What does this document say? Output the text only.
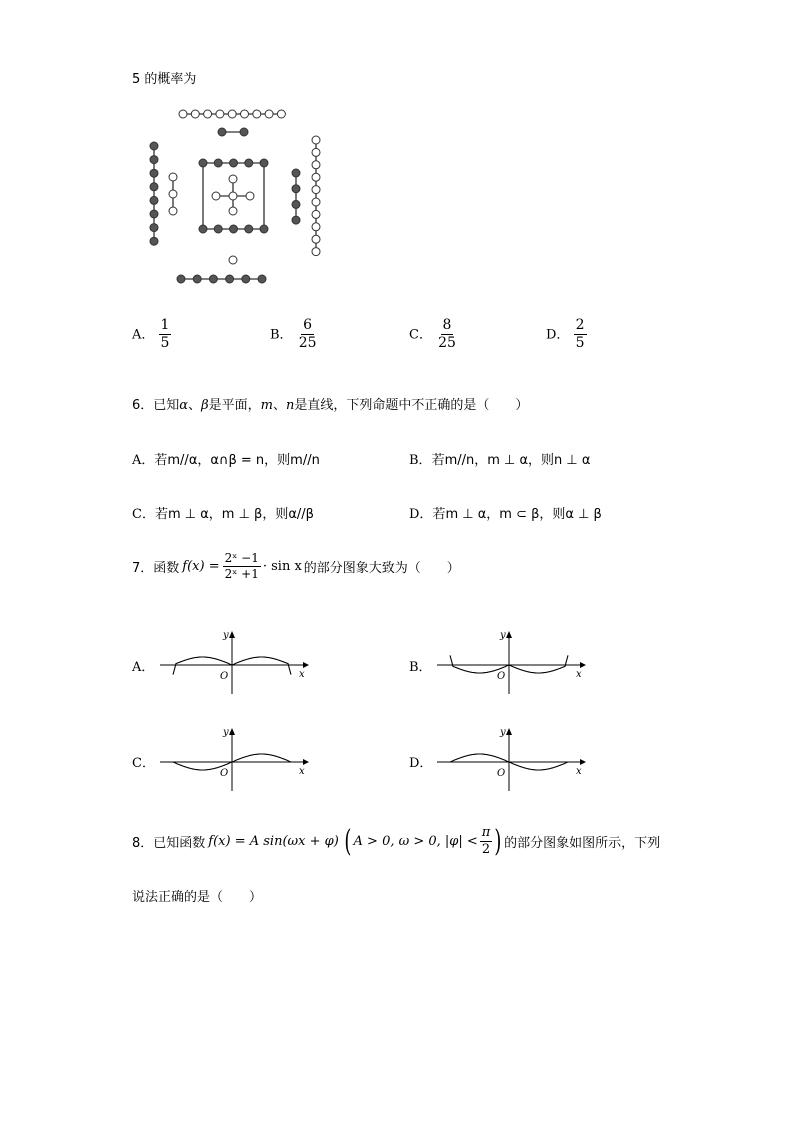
5 的概率为
A． $\frac{1}{5}$	B． $\frac{6}{25}$	C． $\frac{8}{25}$	D． $\frac{2}{5}$
6．已知α、β是平面，m、n是直线，下列命题中不正确的是（　　）
A．若m//α，α∩β = n，则m//n	B．若m//n，m ⊥ α，则n ⊥ α
C．若m ⊥ α，m ⊥ β，则α//β	D．若m ⊥ α，m ⊂ β，则α ⊥ β
7． 函数 $f(x) = \frac{\text{2ˣ −1}}{\text{2ˣ +1}} \cdot \sin x$ 的部分图象大致为（　　）
A．	B．
C．	D．
x
y
O	x
y
O
x
y
O	x
y
O
8． 已知函数 f(x) = A sin(ωx + φ) ( A > 0, ω > 0, $|\varphi| < \frac{\pi}{2}$ ) 的部分图象如图所示，下列
说法正确的是（　　）
